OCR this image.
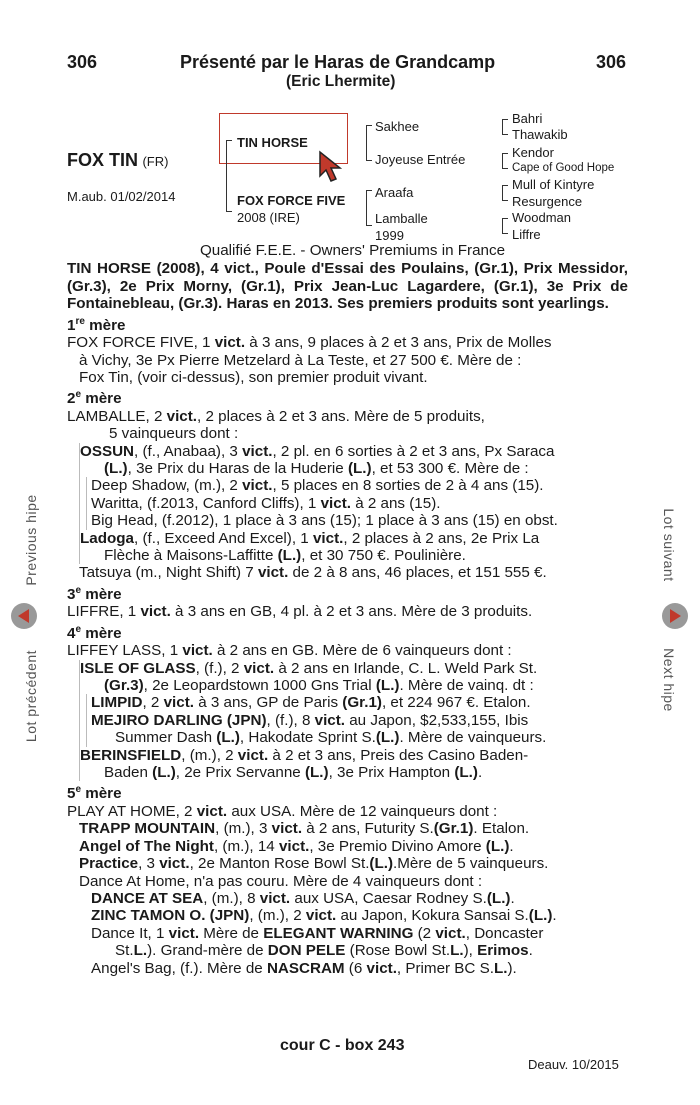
306	Présenté par le Haras de Grandcamp	306
(Eric Lhermite)
FOX TIN (FR)
M.aub. 01/02/2014
TIN HORSE
FOX FORCE FIVE
2008 (IRE)
Sakhee
Joyeuse Entrée
Araafa
Lamballe
1999
Bahri
Thawakib
Kendor
Cape of Good Hope
Mull of Kintyre
Resurgence
Woodman
Liffre

Qualifié F.E.E. - Owners' Premiums in France

TIN HORSE (2008), 4 vict., Poule d'Essai des Poulains, (Gr.1), Prix Messidor, (Gr.3), 2e Prix Morny, (Gr.1), Prix Jean-Luc Lagardere, (Gr.1), 3e Prix de Fontainebleau, (Gr.3). Haras en 2013. Ses premiers produits sont yearlings.

1re mère

FOX FORCE FIVE, 1 vict. à 3 ans, 9 places à 2 et 3 ans, Prix de Molles

à Vichy, 3e Px Pierre Metzelard à La Teste, et 27 500 €. Mère de :

Fox Tin, (voir ci-dessus), son premier produit vivant.

2e mère

LAMBALLE, 2 vict., 2 places à 2 et 3 ans. Mère de 5 produits,

5 vainqueurs dont :

OSSUN, (f., Anabaa), 3 vict., 2 pl. en 6 sorties à 2 et 3 ans, Px Saraca

(L.), 3e Prix du Haras de la Huderie (L.), et 53 300 €. Mère de :

Deep Shadow, (m.), 2 vict., 5 places en 8 sorties de 2 à 4 ans (15).

Waritta, (f.2013, Canford Cliffs), 1 vict. à 2 ans (15).

Big Head, (f.2012), 1 place à 3 ans (15); 1 place à 3 ans (15) en obst.

Ladoga, (f., Exceed And Excel), 1 vict., 2 places à 2 ans, 2e Prix La

Flèche à Maisons-Laffitte (L.), et 30 750 €. Poulinière.

Tatsuya (m., Night Shift) 7 vict. de 2 à 8 ans, 46 places, et 151 555 €.

3e mère

LIFFRE, 1 vict. à 3 ans en GB, 4 pl. à 2 et 3 ans. Mère de 3 produits.

4e mère

LIFFEY LASS, 1 vict. à 2 ans en GB. Mère de 6 vainqueurs dont :

ISLE OF GLASS, (f.), 2 vict. à 2 ans en Irlande, C. L. Weld Park St.

(Gr.3), 2e Leopardstown 1000 Gns Trial (L.). Mère de vainq. dt :

LIMPID, 2 vict. à 3 ans, GP de Paris (Gr.1), et 224 967 €. Etalon.

MEJIRO DARLING (JPN), (f.), 8 vict. au Japon, $2,533,155, Ibis

Summer Dash (L.), Hakodate Sprint S.(L.). Mère de vainqueurs.

BERINSFIELD, (m.), 2 vict. à 2 et 3 ans, Preis des Casino Baden-

Baden (L.), 2e Prix Servanne (L.), 3e Prix Hampton (L.).

5e mère

PLAY AT HOME, 2 vict. aux USA. Mère de 12 vainqueurs dont :

TRAPP MOUNTAIN, (m.), 3 vict. à 2 ans, Futurity S.(Gr.1). Etalon.

Angel of The Night, (m.), 14 vict., 3e Premio Divino Amore (L.).

Practice, 3 vict., 2e Manton Rose Bowl St.(L.).Mère de 5 vainqueurs.

Dance At Home, n'a pas couru. Mère de 4 vainqueurs dont :

DANCE AT SEA, (m.), 8 vict. aux USA, Caesar Rodney S.(L.).

ZINC TAMON O. (JPN), (m.), 2 vict. au Japon, Kokura Sansai S.(L.).

Dance It, 1 vict. Mère de ELEGANT WARNING (2 vict., Doncaster

St.L.). Grand-mère de DON PELE (Rose Bowl St.L.), Erimos.

Angel's Bag, (f.). Mère de NASCRAM (6 vict., Primer BC S.L.).

cour C - box 243
Deauv. 10/2015
Previous hipe
Lot précédent
Lot suivant
Next hipe
